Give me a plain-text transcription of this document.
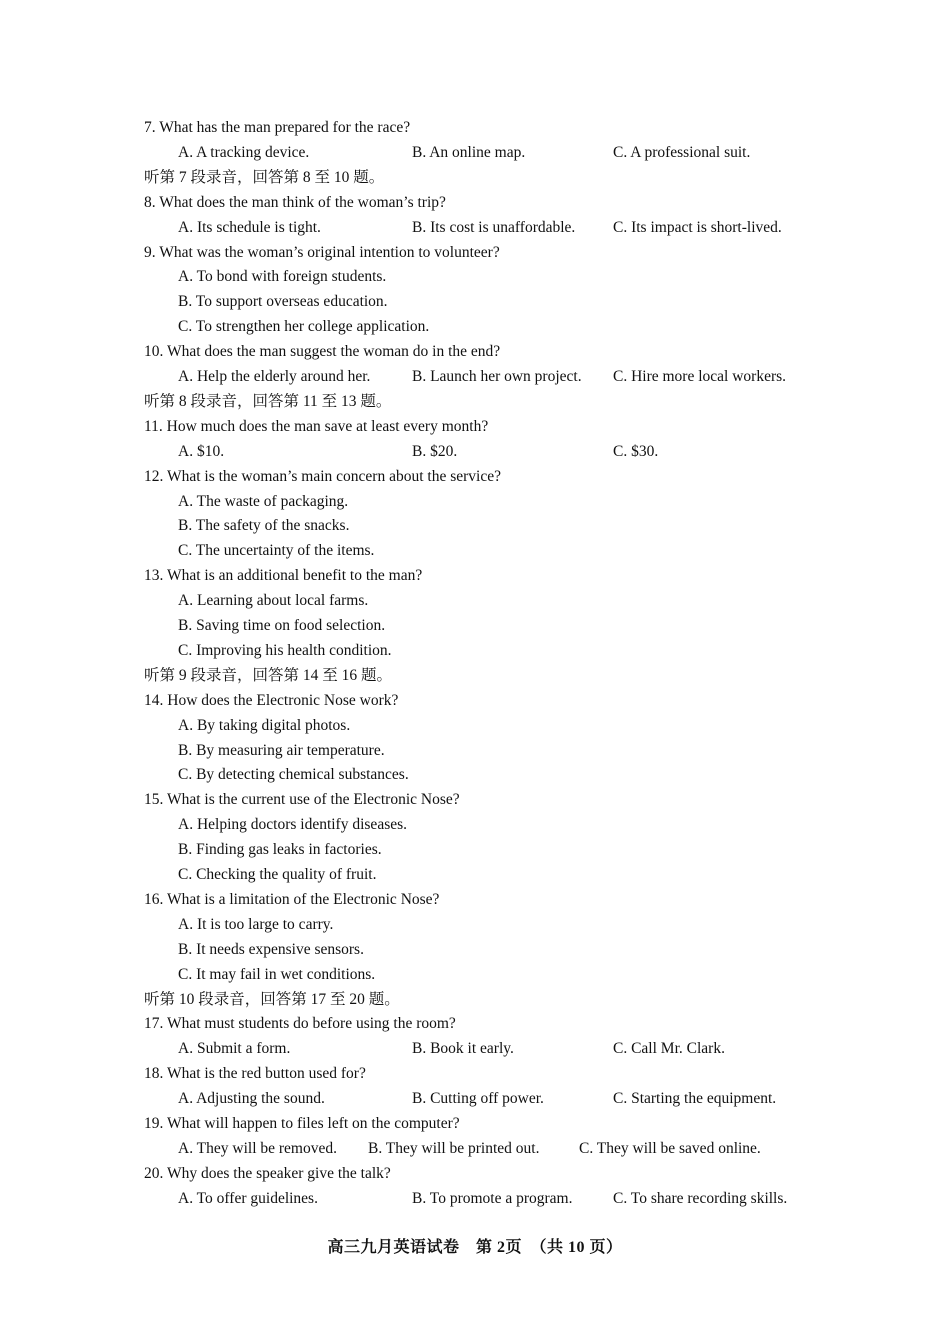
7. What has the man prepared for the race?
A. A tracking device.	B. An online map.	C. A professional suit.
听第 7 段录音，回答第 8 至 10 题。
8. What does the man think of the woman’s trip?
A. Its schedule is tight.	B. Its cost is unaffordable. C. Its impact is short-lived.
9. What was the woman’s original intention to volunteer?
A. To bond with foreign students.
B. To support overseas education.
C. To strengthen her college application.
10. What does the man suggest the woman do in the end?
A. Help the elderly around her.	B. Launch her own project. C. Hire more local workers.
听第 8 段录音，回答第 11 至 13 题。
11. How much does the man save at least every month?
A. $10.	B. $20.	C. $30.
12. What is the woman’s main concern about the service?
A. The waste of packaging.
B. The safety of the snacks.
C. The uncertainty of the items.
13. What is an additional benefit to the man?
A. Learning about local farms.
B. Saving time on food selection.
C. Improving his health condition.
听第 9 段录音，回答第 14 至 16 题。
14. How does the Electronic Nose work?
A. By taking digital photos.
B. By measuring air temperature.
C. By detecting chemical substances.
15. What is the current use of the Electronic Nose?
A. Helping doctors identify diseases.
B. Finding gas leaks in factories.
C. Checking the quality of fruit.
16. What is a limitation of the Electronic Nose?
A. It is too large to carry.
B. It needs expensive sensors.
C. It may fail in wet conditions.
听第 10 段录音，回答第 17 至 20 题。
17. What must students do before using the room?
A. Submit a form.	B. Book it early.	C. Call Mr. Clark.
18. What is the red button used for?
A. Adjusting the sound.	B. Cutting off power.	C. Starting the equipment.
19. What will happen to files left on the computer?
A. They will be removed. B. They will be printed out.	C. They will be saved online.
20. Why does the speaker give the talk?
A. To offer guidelines.	B. To promote a program.	C. To share recording skills.
高三九月英语试卷　第 2页　（共 10 页）
